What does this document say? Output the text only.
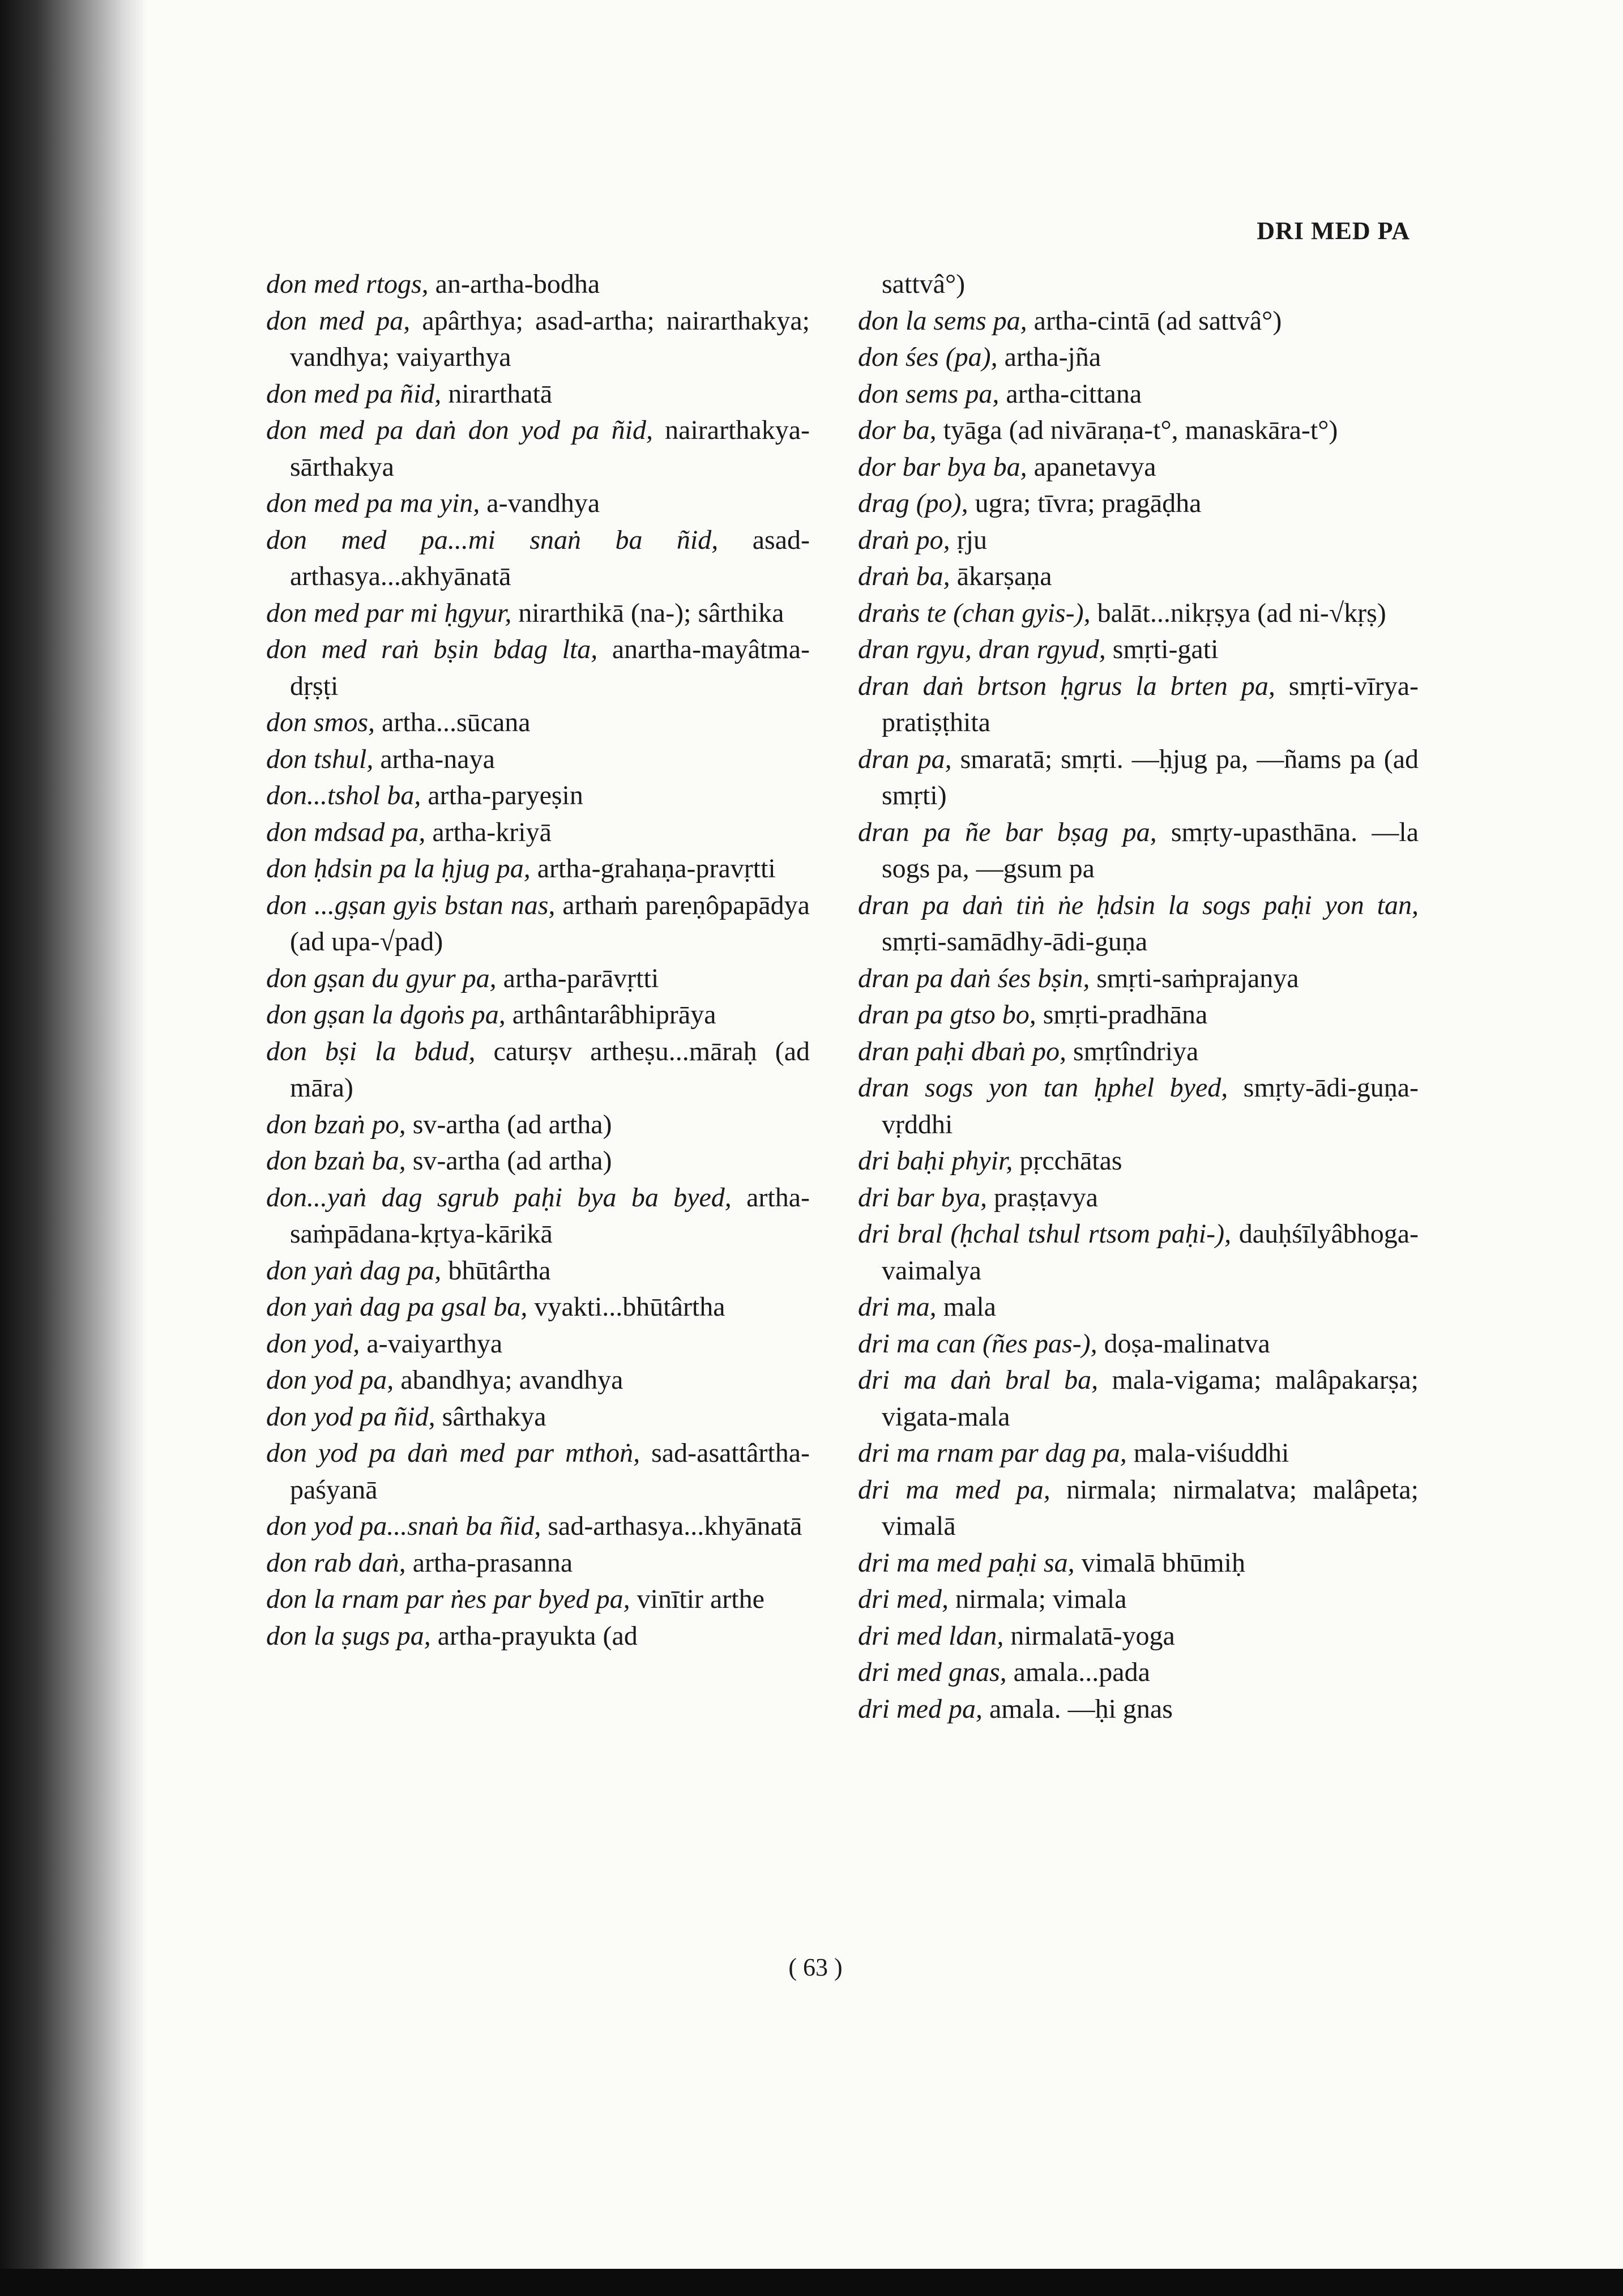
DRI MED PA
don med rtogs, an-artha-bodha
don med pa, apârthya; asad-artha; nairarthakya; vandhya; vaiyarthya
don med pa ñid, nirarthatā
don med pa daṅ don yod pa ñid, nairarthakya-sārthakya
don med pa ma yin, a-vandhya
don med pa...mi snaṅ ba ñid, asad-arthasya...akhyānatā
don med par mi ḥgyur, nirarthikā (na-); sârthika
don med raṅ bṣin bdag lta, anartha-mayâtma-dṛṣṭi
don smos, artha...sūcana
don tshul, artha-naya
don...tshol ba, artha-paryeṣin
don mdsad pa, artha-kriyā
don ḥdsin pa la ḥjug pa, artha-grahaṇa-pravṛtti
don ...gṣan gyis bstan nas, arthaṁ pareṇôpapādya (ad upa-√pad)
don gṣan du gyur pa, artha-parāvṛtti
don gṣan la dgoṅs pa, arthântarâbhiprāya
don bṣi la bdud, caturṣv artheṣu...māraḥ (ad māra)
don bzaṅ po, sv-artha (ad artha)
don bzaṅ ba, sv-artha (ad artha)
don...yaṅ dag sgrub paḥi bya ba byed, artha-saṁpādana-kṛtya-kārikā
don yaṅ dag pa, bhūtârtha
don yaṅ dag pa gsal ba, vyakti...bhūtârtha
don yod, a-vaiyarthya
don yod pa, abandhya; avandhya
don yod pa ñid, sârthakya
don yod pa daṅ med par mthoṅ, sad-asattârtha-paśyanā
don yod pa...snaṅ ba ñid, sad-arthasya...khyānatā
don rab daṅ, artha-prasanna
don la rnam par ṅes par byed pa, vinītir arthe
don la ṣugs pa, artha-prayukta (ad
sattvâ°)
don la sems pa, artha-cintā (ad sattvâ°)
don śes (pa), artha-jña
don sems pa, artha-cittana
dor ba, tyāga (ad nivāraṇa-t°, manaskāra-t°)
dor bar bya ba, apanetavya
drag (po), ugra; tīvra; pragāḍha
draṅ po, ṛju
draṅ ba, ākarṣaṇa
draṅs te (chan gyis-), balāt...nikṛṣya (ad ni-√kṛṣ)
dran rgyu, dran rgyud, smṛti-gati
dran daṅ brtson ḥgrus la brten pa, smṛti-vīrya-pratiṣṭhita
dran pa, smaratā; smṛti. —ḥjug pa, —ñams pa (ad smṛti)
dran pa ñe bar bṣag pa, smṛty-upasthāna. —la sogs pa, —gsum pa
dran pa daṅ tiṅ ṅe ḥdsin la sogs paḥi yon tan, smṛti-samādhy-ādi-guṇa
dran pa daṅ śes bṣin, smṛti-saṁprajanya
dran pa gtso bo, smṛti-pradhāna
dran paḥi dbaṅ po, smṛtîndriya
dran sogs yon tan ḥphel byed, smṛty-ādi-guṇa-vṛddhi
dri baḥi phyir, pṛcchātas
dri bar bya, praṣṭavya
dri bral (ḥchal tshul rtsom paḥi-), dauḥśīlyâbhoga-vaimalya
dri ma, mala
dri ma can (ñes pas-), doṣa-malinatva
dri ma daṅ bral ba, mala-vigama; malâpakarṣa; vigata-mala
dri ma rnam par dag pa, mala-viśuddhi
dri ma med pa, nirmala; nirmalatva; malâpeta; vimalā
dri ma med paḥi sa, vimalā bhūmiḥ
dri med, nirmala; vimala
dri med ldan, nirmalatā-yoga
dri med gnas, amala...pada
dri med pa, amala. —ḥi gnas
( 63 )
